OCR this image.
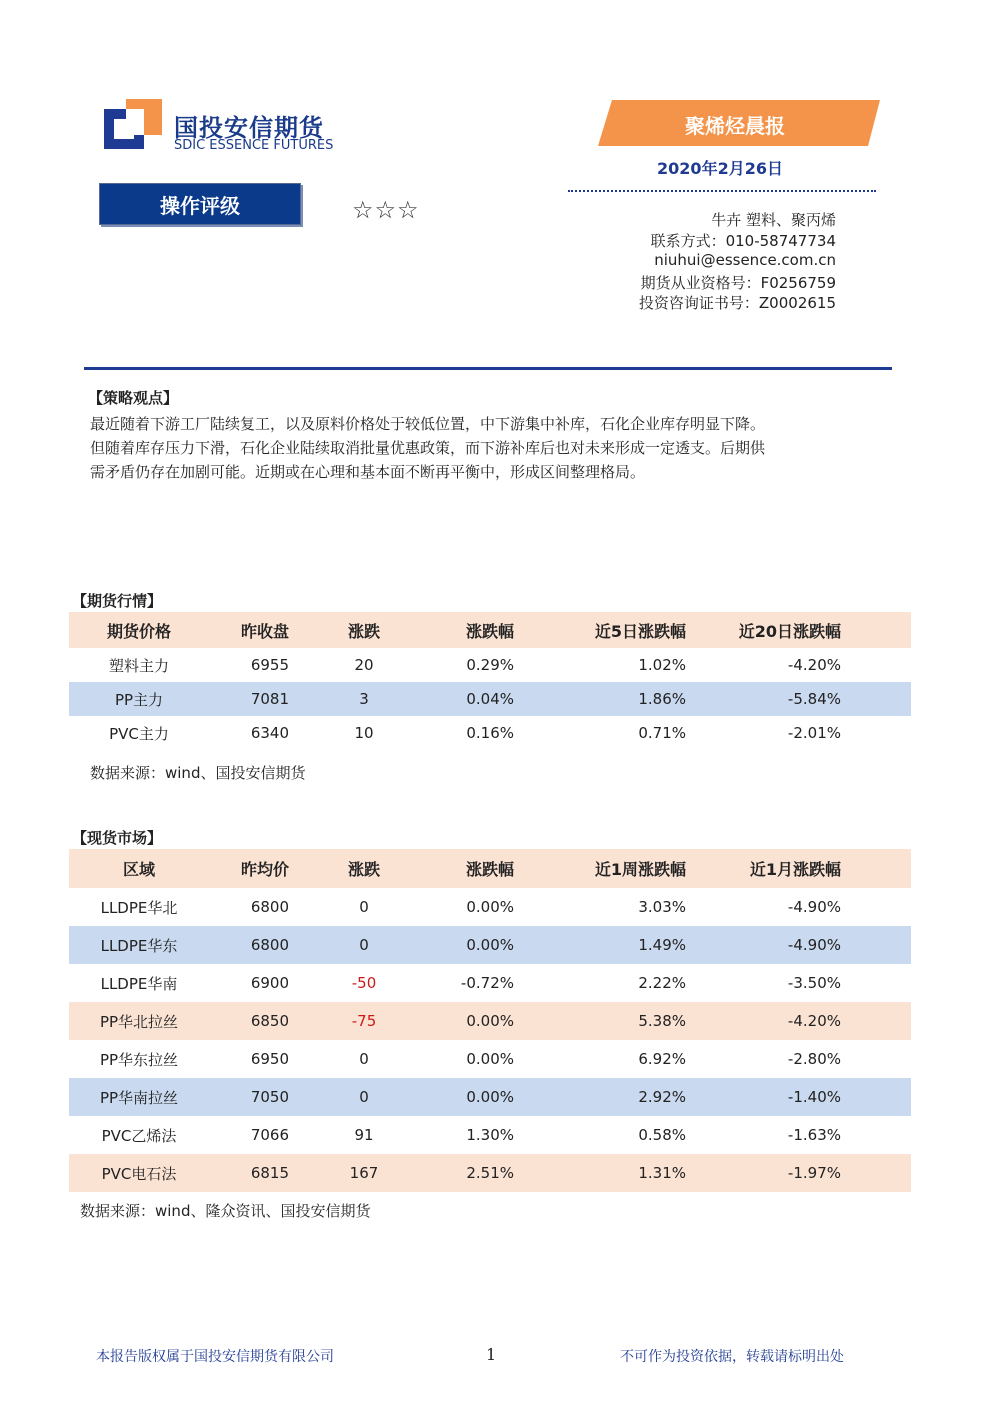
国投安信期货
SDIC ESSENCE FUTURES
聚烯烃晨报
2020年2月26日
操作评级	☆☆☆	牛卉 塑料、聚丙烯
联系方式：010-58747734
niuhui@essence.com.cn
期货从业资格号：F0256759
投资咨询证书号：Z0002615
【策略观点】
最近随着下游工厂陆续复工，以及原料价格处于较低位置，中下游集中补库，石化企业库存明显下降。
但随着库存压力下滑，石化企业陆续取消批量优惠政策，而下游补库后也对未来形成一定透支。后期供
需矛盾仍存在加剧可能。近期或在心理和基本面不断再平衡中，形成区间整理格局。
【期货行情】
期货价格	昨收盘	涨跌	涨跌幅	近5日涨跌幅	近20日涨跌幅	
塑料主力	6955	20	0.29%	1.02%	-4.20%	
PP主力	7081	3	0.04%	1.86%	-5.84%	
PVC主力	6340	10	0.16%	0.71%	-2.01%	
数据来源：wind、国投安信期货
【现货市场】
区域	昨均价	涨跌	涨跌幅	近1周涨跌幅	近1月涨跌幅	
LLDPE华北	6800	0	0.00%	3.03%	-4.90%	
LLDPE华东	6800	0	0.00%	1.49%	-4.90%	
LLDPE华南	6900	-50	-0.72%	2.22%	-3.50%	
PP华北拉丝	6850	-75	0.00%	5.38%	-4.20%	
PP华东拉丝	6950	0	0.00%	6.92%	-2.80%	
PP华南拉丝	7050	0	0.00%	2.92%	-1.40%	
PVC乙烯法	7066	91	1.30%	0.58%	-1.63%	
PVC电石法	6815	167	2.51%	1.31%	-1.97%	
数据来源：wind、隆众资讯、国投安信期货
本报告版权属于国投安信期货有限公司	1	不可作为投资依据，转载请标明出处
